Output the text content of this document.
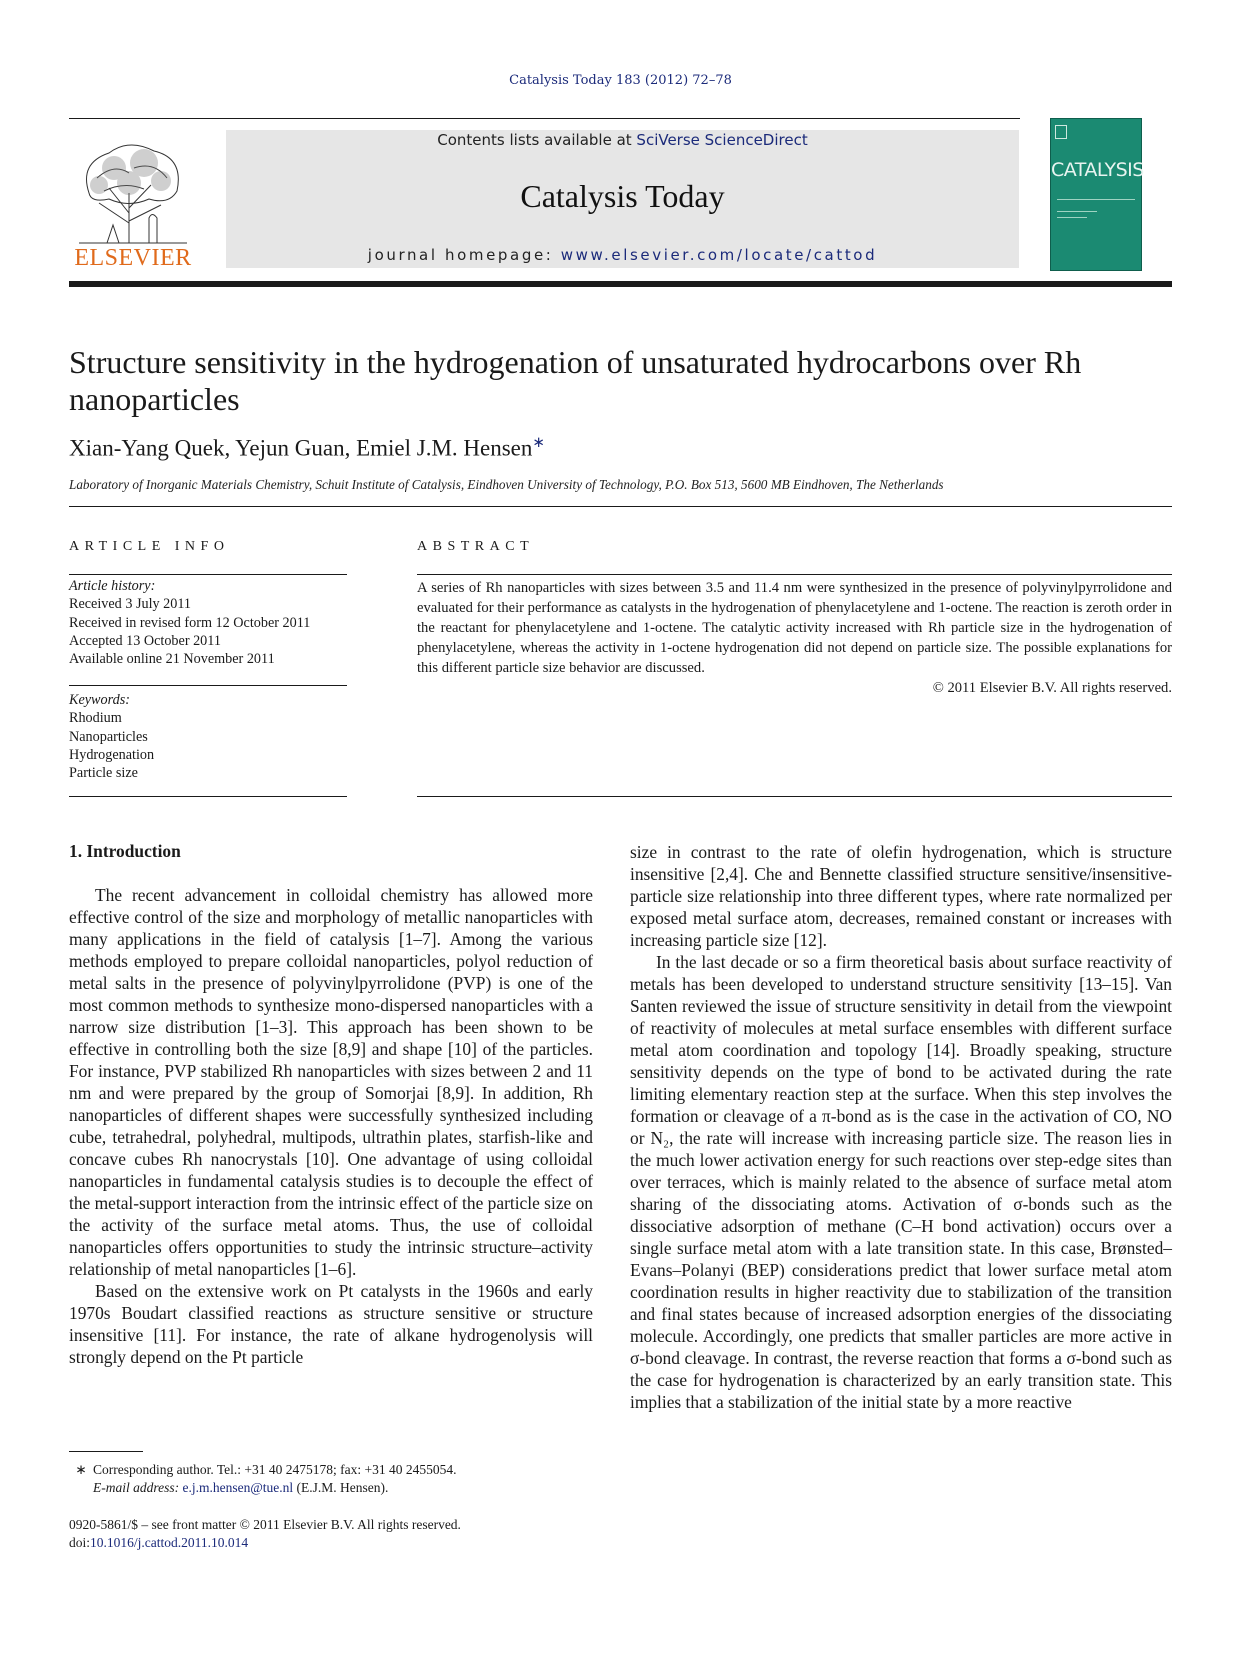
Catalysis Today 183 (2012) 72–78
ELSEVIER
Contents lists available at SciVerse ScienceDirect
Catalysis Today
journal homepage: www.elsevier.com/locate/cattod
CATALYSIS
Structure sensitivity in the hydrogenation of unsaturated hydrocarbons over Rh nanoparticles
Xian-Yang Quek, Yejun Guan, Emiel J.M. Hensen∗
Laboratory of Inorganic Materials Chemistry, Schuit Institute of Catalysis, Eindhoven University of Technology, P.O. Box 513, 5600 MB Eindhoven, The Netherlands
ARTICLE INFO
Article history:
Received 3 July 2011
Received in revised form 12 October 2011
Accepted 13 October 2011
Available online 21 November 2011
Keywords:
Rhodium
Nanoparticles
Hydrogenation
Particle size
ABSTRACT
A series of Rh nanoparticles with sizes between 3.5 and 11.4 nm were synthesized in the presence of polyvinylpyrrolidone and evaluated for their performance as catalysts in the hydrogenation of phenylacetylene and 1-octene. The reaction is zeroth order in the reactant for phenylacetylene and 1-octene. The catalytic activity increased with Rh particle size in the hydrogenation of phenylacetylene, whereas the activity in 1-octene hydrogenation did not depend on particle size. The possible explanations for this different particle size behavior are discussed.
© 2011 Elsevier B.V. All rights reserved.
1. Introduction

The recent advancement in colloidal chemistry has allowed more effective control of the size and morphology of metallic nanoparticles with many applications in the field of catalysis [1–7]. Among the various methods employed to prepare colloidal nanoparticles, polyol reduction of metal salts in the presence of polyvinylpyrrolidone (PVP) is one of the most common methods to synthesize mono-dispersed nanoparticles with a narrow size distribution [1–3]. This approach has been shown to be effective in controlling both the size [8,9] and shape [10] of the particles. For instance, PVP stabilized Rh nanoparticles with sizes between 2 and 11 nm and were prepared by the group of Somorjai [8,9]. In addition, Rh nanoparticles of different shapes were successfully synthesized including cube, tetrahedral, polyhedral, multipods, ultrathin plates, starfish-like and concave cubes Rh nanocrystals [10]. One advantage of using colloidal nanoparticles in fundamental catalysis studies is to decouple the effect of the metal-support interaction from the intrinsic effect of the particle size on the activity of the surface metal atoms. Thus, the use of colloidal nanoparticles offers opportunities to study the intrinsic structure–activity relationship of metal nanoparticles [1–6].

Based on the extensive work on Pt catalysts in the 1960s and early 1970s Boudart classified reactions as structure sensitive or structure insensitive [11]. For instance, the rate of alkane hydrogenolysis will strongly depend on the Pt particle

size in contrast to the rate of olefin hydrogenation, which is structure insensitive [2,4]. Che and Bennette classified structure sensitive/insensitive-particle size relationship into three different types, where rate normalized per exposed metal surface atom, decreases, remained constant or increases with increasing particle size [12].

In the last decade or so a firm theoretical basis about surface reactivity of metals has been developed to understand structure sensitivity [13–15]. Van Santen reviewed the issue of structure sensitivity in detail from the viewpoint of reactivity of molecules at metal surface ensembles with different surface metal atom coordination and topology [14]. Broadly speaking, structure sensitivity depends on the type of bond to be activated during the rate limiting elementary reaction step at the surface. When this step involves the formation or cleavage of a π-bond as is the case in the activation of CO, NO or N₂, the rate will increase with increasing particle size. The reason lies in the much lower activation energy for such reactions over step-edge sites than over terraces, which is mainly related to the absence of surface metal atom sharing of the dissociating atoms. Activation of σ-bonds such as the dissociative adsorption of methane (C–H bond activation) occurs over a single surface metal atom with a late transition state. In this case, Brønsted–Evans–Polanyi (BEP) considerations predict that lower surface metal atom coordination results in higher reactivity due to stabilization of the transition and final states because of increased adsorption energies of the dissociating molecule. Accordingly, one predicts that smaller particles are more active in σ-bond cleavage. In contrast, the reverse reaction that forms a σ-bond such as the case for hydrogenation is characterized by an early transition state. This implies that a stabilization of the initial state by a more reactive

∗ Corresponding author. Tel.: +31 40 2475178; fax: +31 40 2455054.
E-mail address: e.j.m.hensen@tue.nl (E.J.M. Hensen).
0920-5861/$ – see front matter © 2011 Elsevier B.V. All rights reserved.
doi:10.1016/j.cattod.2011.10.014
